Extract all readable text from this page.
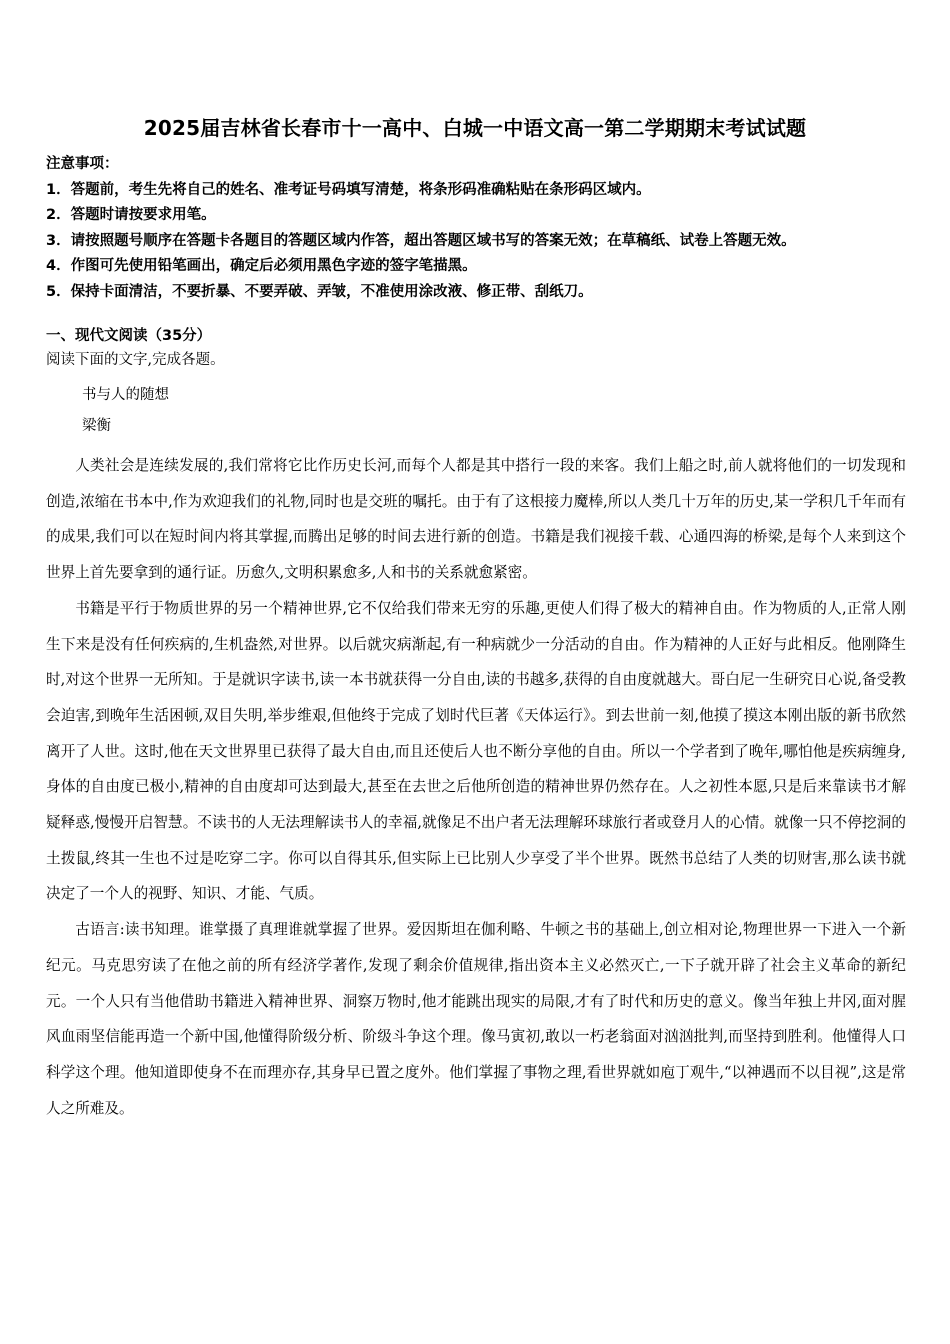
2025届吉林省长春市十一高中、白城一中语文高一第二学期期末考试试题
注意事项：
1．答题前，考生先将自己的姓名、准考证号码填写清楚，将条形码准确粘贴在条形码区域内。
2．答题时请按要求用笔。
3．请按照题号顺序在答题卡各题目的答题区域内作答，超出答题区域书写的答案无效；在草稿纸、试卷上答题无效。
4．作图可先使用铅笔画出，确定后必须用黑色字迹的签字笔描黑。
5．保持卡面清洁，不要折暴、不要弄破、弄皱，不准使用涂改液、修正带、刮纸刀。
一、现代文阅读（35分）
阅读下面的文字,完成各题。
书与人的随想
梁衡

人类社会是连续发展的,我们常将它比作历史长河,而每个人都是其中搭行一段的来客。我们上船之时,前人就将他们的一切发现和创造,浓缩在书本中,作为欢迎我们的礼物,同时也是交班的嘱托。由于有了这根接力魔棒,所以人类几十万年的历史,某一学积几千年而有的成果,我们可以在短时间内将其掌握,而腾出足够的时间去进行新的创造。书籍是我们视接千载、心通四海的桥梁,是每个人来到这个世界上首先要拿到的通行证。历愈久,文明积累愈多,人和书的关系就愈紧密。

书籍是平行于物质世界的另一个精神世界,它不仅给我们带来无穷的乐趣,更使人们得了极大的精神自由。作为物质的人,正常人刚生下来是没有任何疾病的,生机盎然,对世界。以后就灾病渐起,有一种病就少一分活动的自由。作为精神的人正好与此相反。他刚降生时,对这个世界一无所知。于是就识字读书,读一本书就获得一分自由,读的书越多,获得的自由度就越大。哥白尼一生研究日心说,备受教会迫害,到晚年生活困顿,双目失明,举步维艰,但他终于完成了划时代巨著《天体运行》。到去世前一刻,他摸了摸这本刚出版的新书欣然离开了人世。这时,他在天文世界里已获得了最大自由,而且还使后人也不断分享他的自由。所以一个学者到了晚年,哪怕他是疾病缠身,身体的自由度已极小,精神的自由度却可达到最大,甚至在去世之后他所创造的精神世界仍然存在。人之初性本愿,只是后来靠读书才解疑释惑,慢慢开启智慧。不读书的人无法理解读书人的幸福,就像足不出户者无法理解环球旅行者或登月人的心情。就像一只不停挖洞的土拨鼠,终其一生也不过是吃穿二字。你可以自得其乐,但实际上已比别人少享受了半个世界。既然书总结了人类的切财害,那么读书就决定了一个人的视野、知识、才能、气质。

古语言:读书知理。谁掌摄了真理谁就掌握了世界。爱因斯坦在伽利略、牛顿之书的基础上,创立相对论,物理世界一下进入一个新纪元。马克思穷读了在他之前的所有经济学著作,发现了剩余价值规律,指出资本主义必然灭亡,一下子就开辟了社会主义革命的新纪元。一个人只有当他借助书籍进入精神世界、洞察万物时,他才能跳出现实的局限,才有了时代和历史的意义。像当年独上井冈,面对腥风血雨坚信能再造一个新中国,他懂得阶级分析、阶级斗争这个理。像马寅初,敢以一朽老翁面对汹汹批判,而坚持到胜利。他懂得人口科学这个理。他知道即使身不在而理亦存,其身早已置之度外。他们掌握了事物之理,看世界就如庖丁观牛,“以神遇而不以目视”,这是常人之所难及。
